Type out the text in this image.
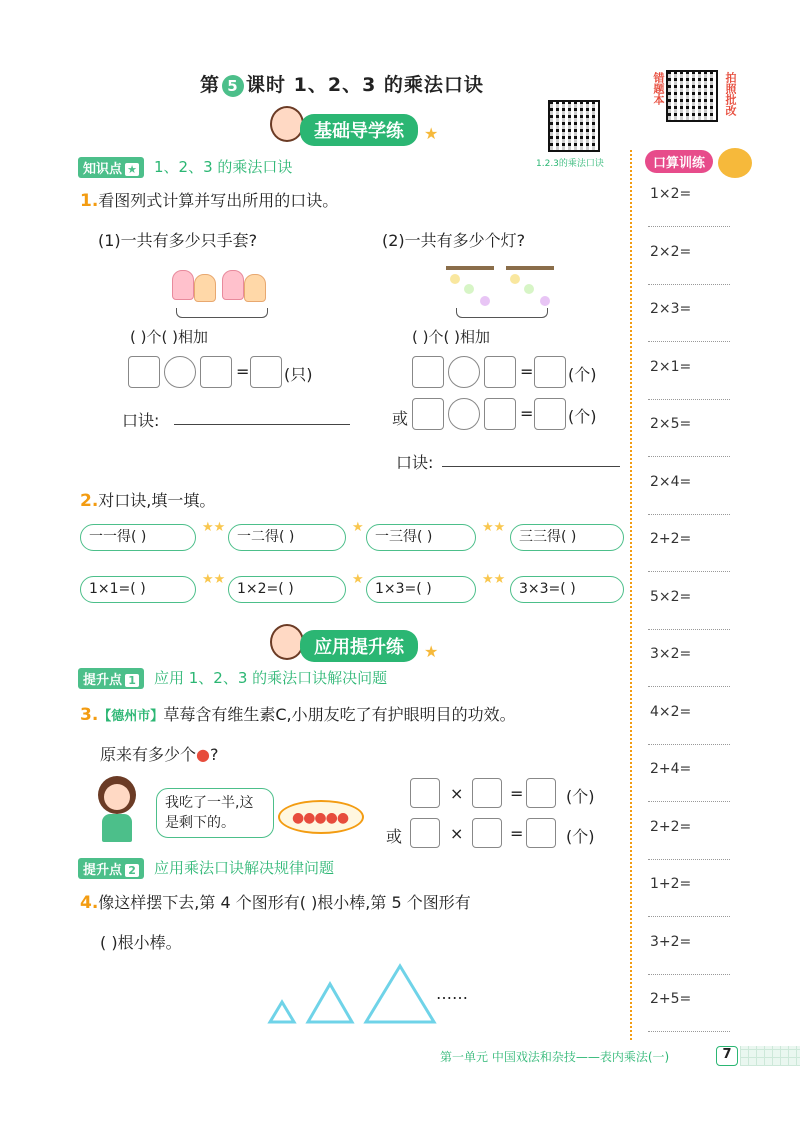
第 5 课时 1、2、3 的乘法口诀
1.2.3的乘法口诀
错题本	拍照批改
基础导学练	★
知识点 ★	1、2、3 的乘法口诀
1.看图列式计算并写出所用的口诀。
(1)一共有多少只手套?	(2)一共有多少个灯?
( )个( )相加	( )个( )相加
= (只)
口诀:
= (个)
或	= (个)
口诀:
2.对口诀,填一填。
一一得( )
★★
一二得( )
★
一三得( )
★★
三三得( )
1×1=( )
★★
1×2=( )
★
1×3=( )
★★
3×3=( )
应用提升练	★
提升点 1	应用 1、2、3 的乘法口诀解决问题
3.【德州市】草莓含有维生素C,小朋友吃了有护眼明目的功效。
原来有多少个●?
我吃了一半,这是剩下的。	●●●●●
×	=	(个)
或	×	=	(个)
提升点 2	应用乘法口诀解决规律问题
4.像这样摆下去,第 4 个图形有( )根小棒,第 5 个图形有
( )根小棒。
……
口算训练
1×2=
2×2=
2×3=
2×1=
2×5=
2×4=
2+2=
5×2=
3×2=
4×2=
2+4=
2+2=
1+2=
3+2=
2+5=
第一单元 中国戏法和杂技——表内乘法(一)	7
